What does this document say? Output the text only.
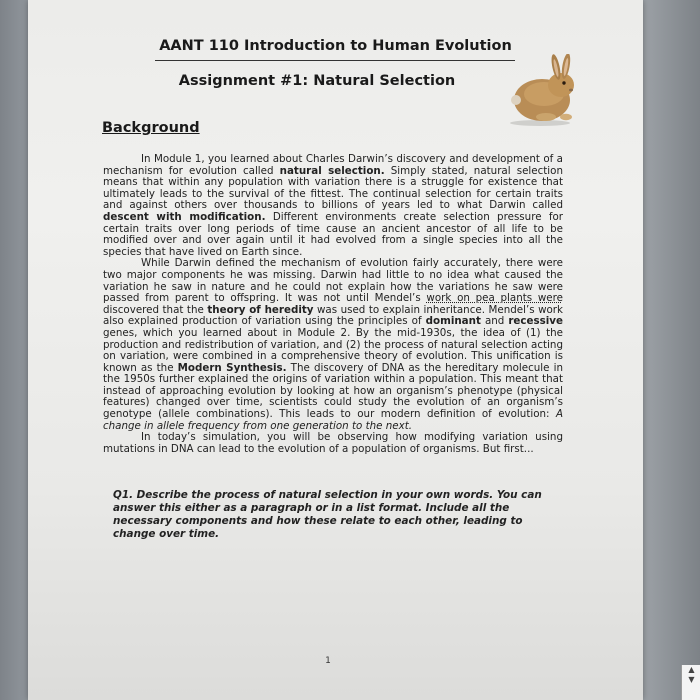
AANT 110 Introduction to Human Evolution
Assignment #1: Natural Selection
Background

In Module 1, you learned about Charles Darwin’s discovery and development of a mechanism for evolution called natural selection. Simply stated, natural selection means that within any population with variation there is a struggle for existence that ultimately leads to the survival of the fittest. The continual selection for certain traits and against others over thousands to billions of years led to what Darwin called descent with modification. Different environments create selection pressure for certain traits over long periods of time cause an ancient ancestor of all life to be modified over and over again until it had evolved from a single species into all the species that have lived on Earth since.

While Darwin defined the mechanism of evolution fairly accurately, there were two major components he was missing. Darwin had little to no idea what caused the variation he saw in nature and he could not explain how the variations he saw were passed from parent to offspring. It was not until Mendel’s work on pea plants were discovered that the theory of heredity was used to explain inheritance. Mendel’s work also explained production of variation using the principles of dominant and recessive genes, which you learned about in Module 2. By the mid-1930s, the idea of (1) the production and redistribution of variation, and (2) the process of natural selection acting on variation, were combined in a comprehensive theory of evolution. This unification is known as the Modern Synthesis. The discovery of DNA as the hereditary molecule in the 1950s further explained the origins of variation within a population. This meant that instead of approaching evolution by looking at how an organism’s phenotype (physical features) changed over time, scientists could study the evolution of an organism’s genotype (allele combinations). This leads to our modern definition of evolution: A change in allele frequency from one generation to the next.

In today’s simulation, you will be observing how modifying variation using mutations in DNA can lead to the evolution of a population of organisms. But first...

Q1. Describe the process of natural selection in your own words. You can answer this either as a paragraph or in a list format. Include all the necessary components and how these relate to each other, leading to change over time.
1
▲
▼
